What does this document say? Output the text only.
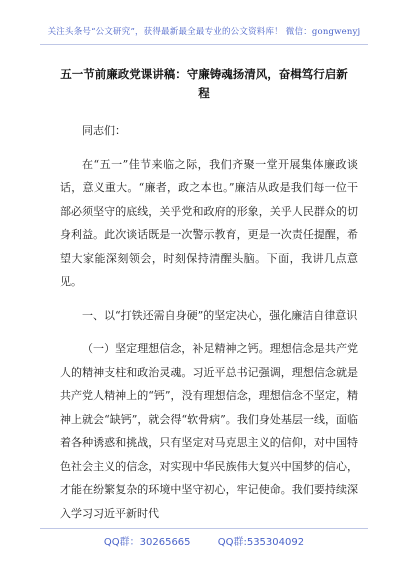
关注头条号“公文研究”，获得最新最全最专业的公文资料库！ 微信：gongwenyj
五一节前廉政党课讲稿：守廉铸魂扬清风，奋楫笃行启新程

同志们：

在“五一”佳节来临之际，我们齐聚一堂开展集体廉政谈话，意义重大。“廉者，政之本也。”廉洁从政是我们每一位干部必须坚守的底线，关乎党和政府的形象，关乎人民群众的切身利益。此次谈话既是一次警示教育，更是一次责任提醒，希望大家能深刻领会，时刻保持清醒头脑。下面，我讲几点意见。

一、以“打铁还需自身硬”的坚定决心，强化廉洁自律意识

（一）坚定理想信念，补足精神之钙。理想信念是共产党人的精神支柱和政治灵魂。习近平总书记强调，理想信念就是共产党人精神上的“钙”，没有理想信念，理想信念不坚定，精神上就会“缺钙”，就会得“软骨病”。我们身处基层一线，面临着各种诱惑和挑战，只有坚定对马克思主义的信仰，对中国特色社会主义的信念，对实现中华民族伟大复兴中国梦的信心，才能在纷繁复杂的环境中坚守初心，牢记使命。我们要持续深入学习习近平新时代

QQ群：30265665	QQ群:535304092
